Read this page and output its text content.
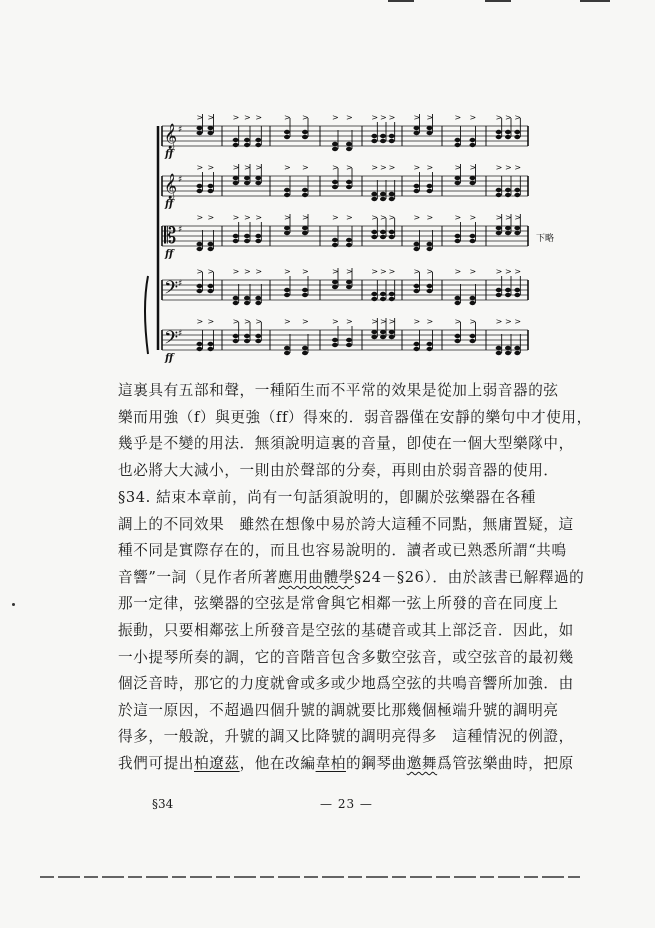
𝄞 ♯
ff
> > > > >	> >	> > > > > > >	> > > > >
𝄞 ♯
ff
> > > > >	> >	> > > > > > >	> > > > >
𝄡 ♯
ff
> > > > >	> >	> > > > > > >	> > > > >
𝄢 ♯
> > > > >	> >	> > > > > > >	> > > > >
𝄢 ♯
ff
> > > > >	> >	> > > > > > >	> > > > >
下略

這裏具有五部和聲，一種陌生而不平常的效果是從加上弱音器的弦

樂而用強（f）與更強（ff）得來的．弱音器僅在安靜的樂句中才使用，

幾乎是不變的用法．無須說明這裏的音量，卽使在一個大型樂隊中，

也必將大大減小，一則由於聲部的分奏，再則由於弱音器的使用．

§34. 結束本章前，尚有一句話須說明的，卽關於弦樂器在各種

調上的不同效果　雖然在想像中易於誇大這種不同點，無庸置疑，這

種不同是實際存在的，而且也容易說明的．讀者或已熟悉所謂“共鳴

音響”一詞（見作者所著應用曲體學§24－§26）．由於該書已解釋過的

那一定律，弦樂器的空弦是常會與它相鄰一弦上所發的音在同度上

振動，只要相鄰弦上所發音是空弦的基礎音或其上部泛音．因此，如

一小提琴所奏的調，它的音階音包含多數空弦音，或空弦音的最初幾

個泛音時，那它的力度就會或多或少地爲空弦的共鳴音響所加強．由

於這一原因，不超過四個升號的調就要比那幾個極端升號的調明亮

得多，一般說，升號的調又比降號的調明亮得多　這種情況的例證，

我們可提出柏遼茲，他在改編韋柏的鋼琴曲邀舞爲管弦樂曲時，把原

§34	— 23 —
